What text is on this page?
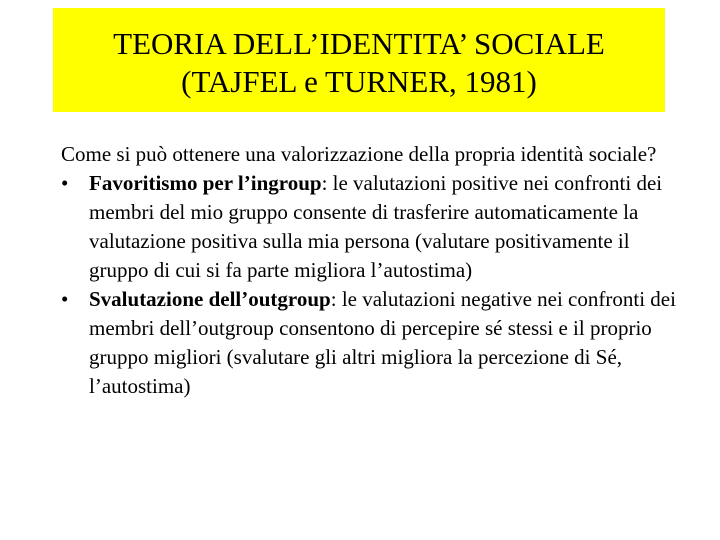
TEORIA DELL’IDENTITA’ SOCIALE
(TAJFEL e TURNER, 1981)

Come si può ottenere una valorizzazione della propria identità sociale?

• Favoritismo per l’ingroup: le valutazioni positive nei confronti dei membri del mio gruppo consente di trasferire automaticamente la valutazione positiva sulla mia persona (valutare positivamente il gruppo di cui si fa parte migliora l’autostima)

• Svalutazione dell’outgroup: le valutazioni negative nei confronti dei membri dell’outgroup consentono di percepire sé stessi e il proprio gruppo migliori (svalutare gli altri migliora la percezione di Sé, l’autostima)
